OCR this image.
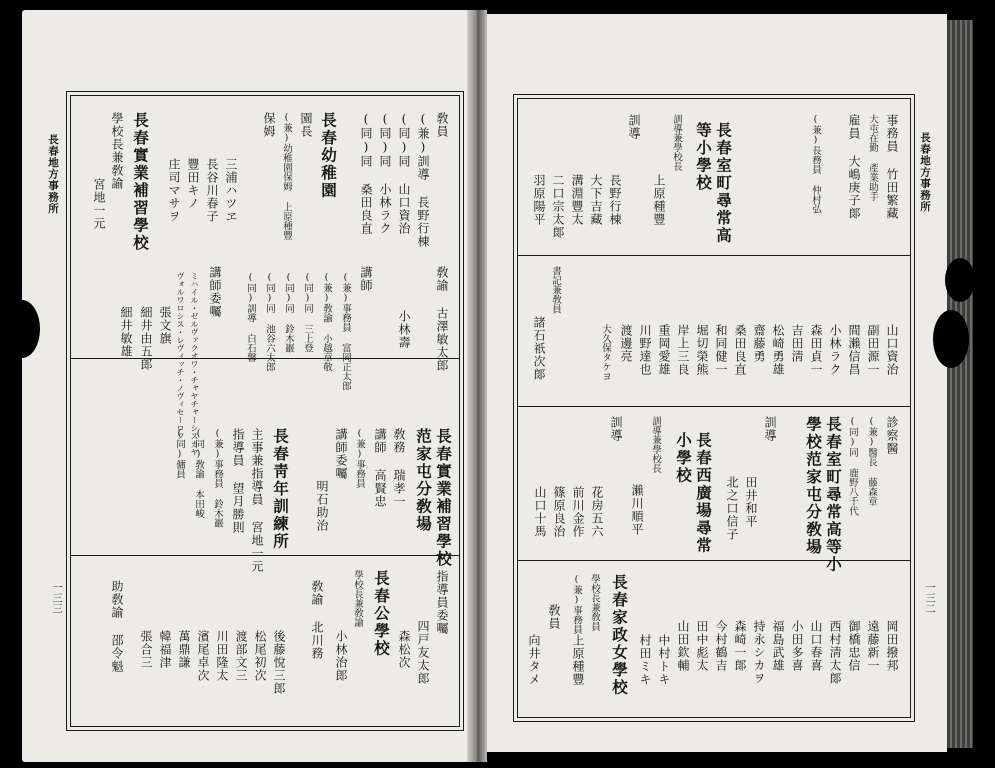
長春地方事務所
一三三
敎員
(兼)訓導 長野行棟
(同)同 山口資治
(同)同 小林ラク
(同)同 桑田良直
長春幼稚園
園長
(兼)幼稚園保姆 上原種豐
保姆
三浦ハツヱ
長谷川春子
豐田キノ
庄司マサヲ
長春實業補習學校
學校長兼敎諭
宮地一元
敎諭 古澤敏太郎
小林壽
講師
(兼)事務員 富岡正太郎
(兼)敎諭 小越章敬
(同)同 三上登
(同)同 鈴木巖
(同)同 池谷六太郎
(同)訓導 白石馨
講師委囑
ミハイル・ゼルヴァクオワ・チャヤチャーシスカヤ
ヴォルワロシス・レヴィッチ・ノヴィセーロフ
張文旗
細井由五郎
細井敏雄
長春實業補習學校
范家屯分敎場
敎務 瑞孝一
講師 高賢忠
(兼)事務員
講師委囑
明石助治
長春靑年訓練所
主事兼指導員 宮地一元
指導員 望月勝則
(兼)事務員 鈴木巖
(同)敎諭 本田峻
(同)傭員
指導員委囑
四戸友太郎
森松次
長春公學校
學校長兼敎諭
小林治郎
敎諭 北川務
後藤悅三郎
松尾初次
渡部文三
川田隆太
濱尾卓次
萬鼎謙
韓福津
張合三
助敎諭 邵令魁
長春地方事務所
一三二
事務員 竹田繁藏
大屯在勤 產業助手
雇員 大嶋庚子郞
(兼)長務員 仲村弘
長春室町尋常高
等小學校
訓導兼學校長
上原種豐
訓導
長野行棟
大下吉藏
溝淵豐太
二口宗太郞
羽原陽平
書記兼敎員
諸石祇次郞	山口資治
副田源一
間瀨信昌
小林ラク
森田貞一
吉田淸
松崎勇雄
齋藤勇
桑田良直
和同健一
堀切榮熊
岸上三良
重岡愛雄
川野達也
渡邊亮
大久保タケヨ
診察醫
(兼)醫長 藤森章
(同)同 鹿野八千代
長春室町尋常高等小
學校范家屯分敎場
訓導
田井和平
北之口信子
長春西廣場尋常
小學校
訓導兼學校長
瀨川順平
訓導
花房五六
前川金作
篠原良治
山口十馬
岡田撥邦
遠藤新一
御橋忠信
西村淸太郞
山口春喜
小田多喜
福島武雄
持永シカヲ
森崎一郞
今村鶴吉
田中彪太
山田欽輔
中村トキ
村田ミキ
長春家政女學校
學校長兼敎員
(兼)事務員
上原種豐
敎員
向井タメ
